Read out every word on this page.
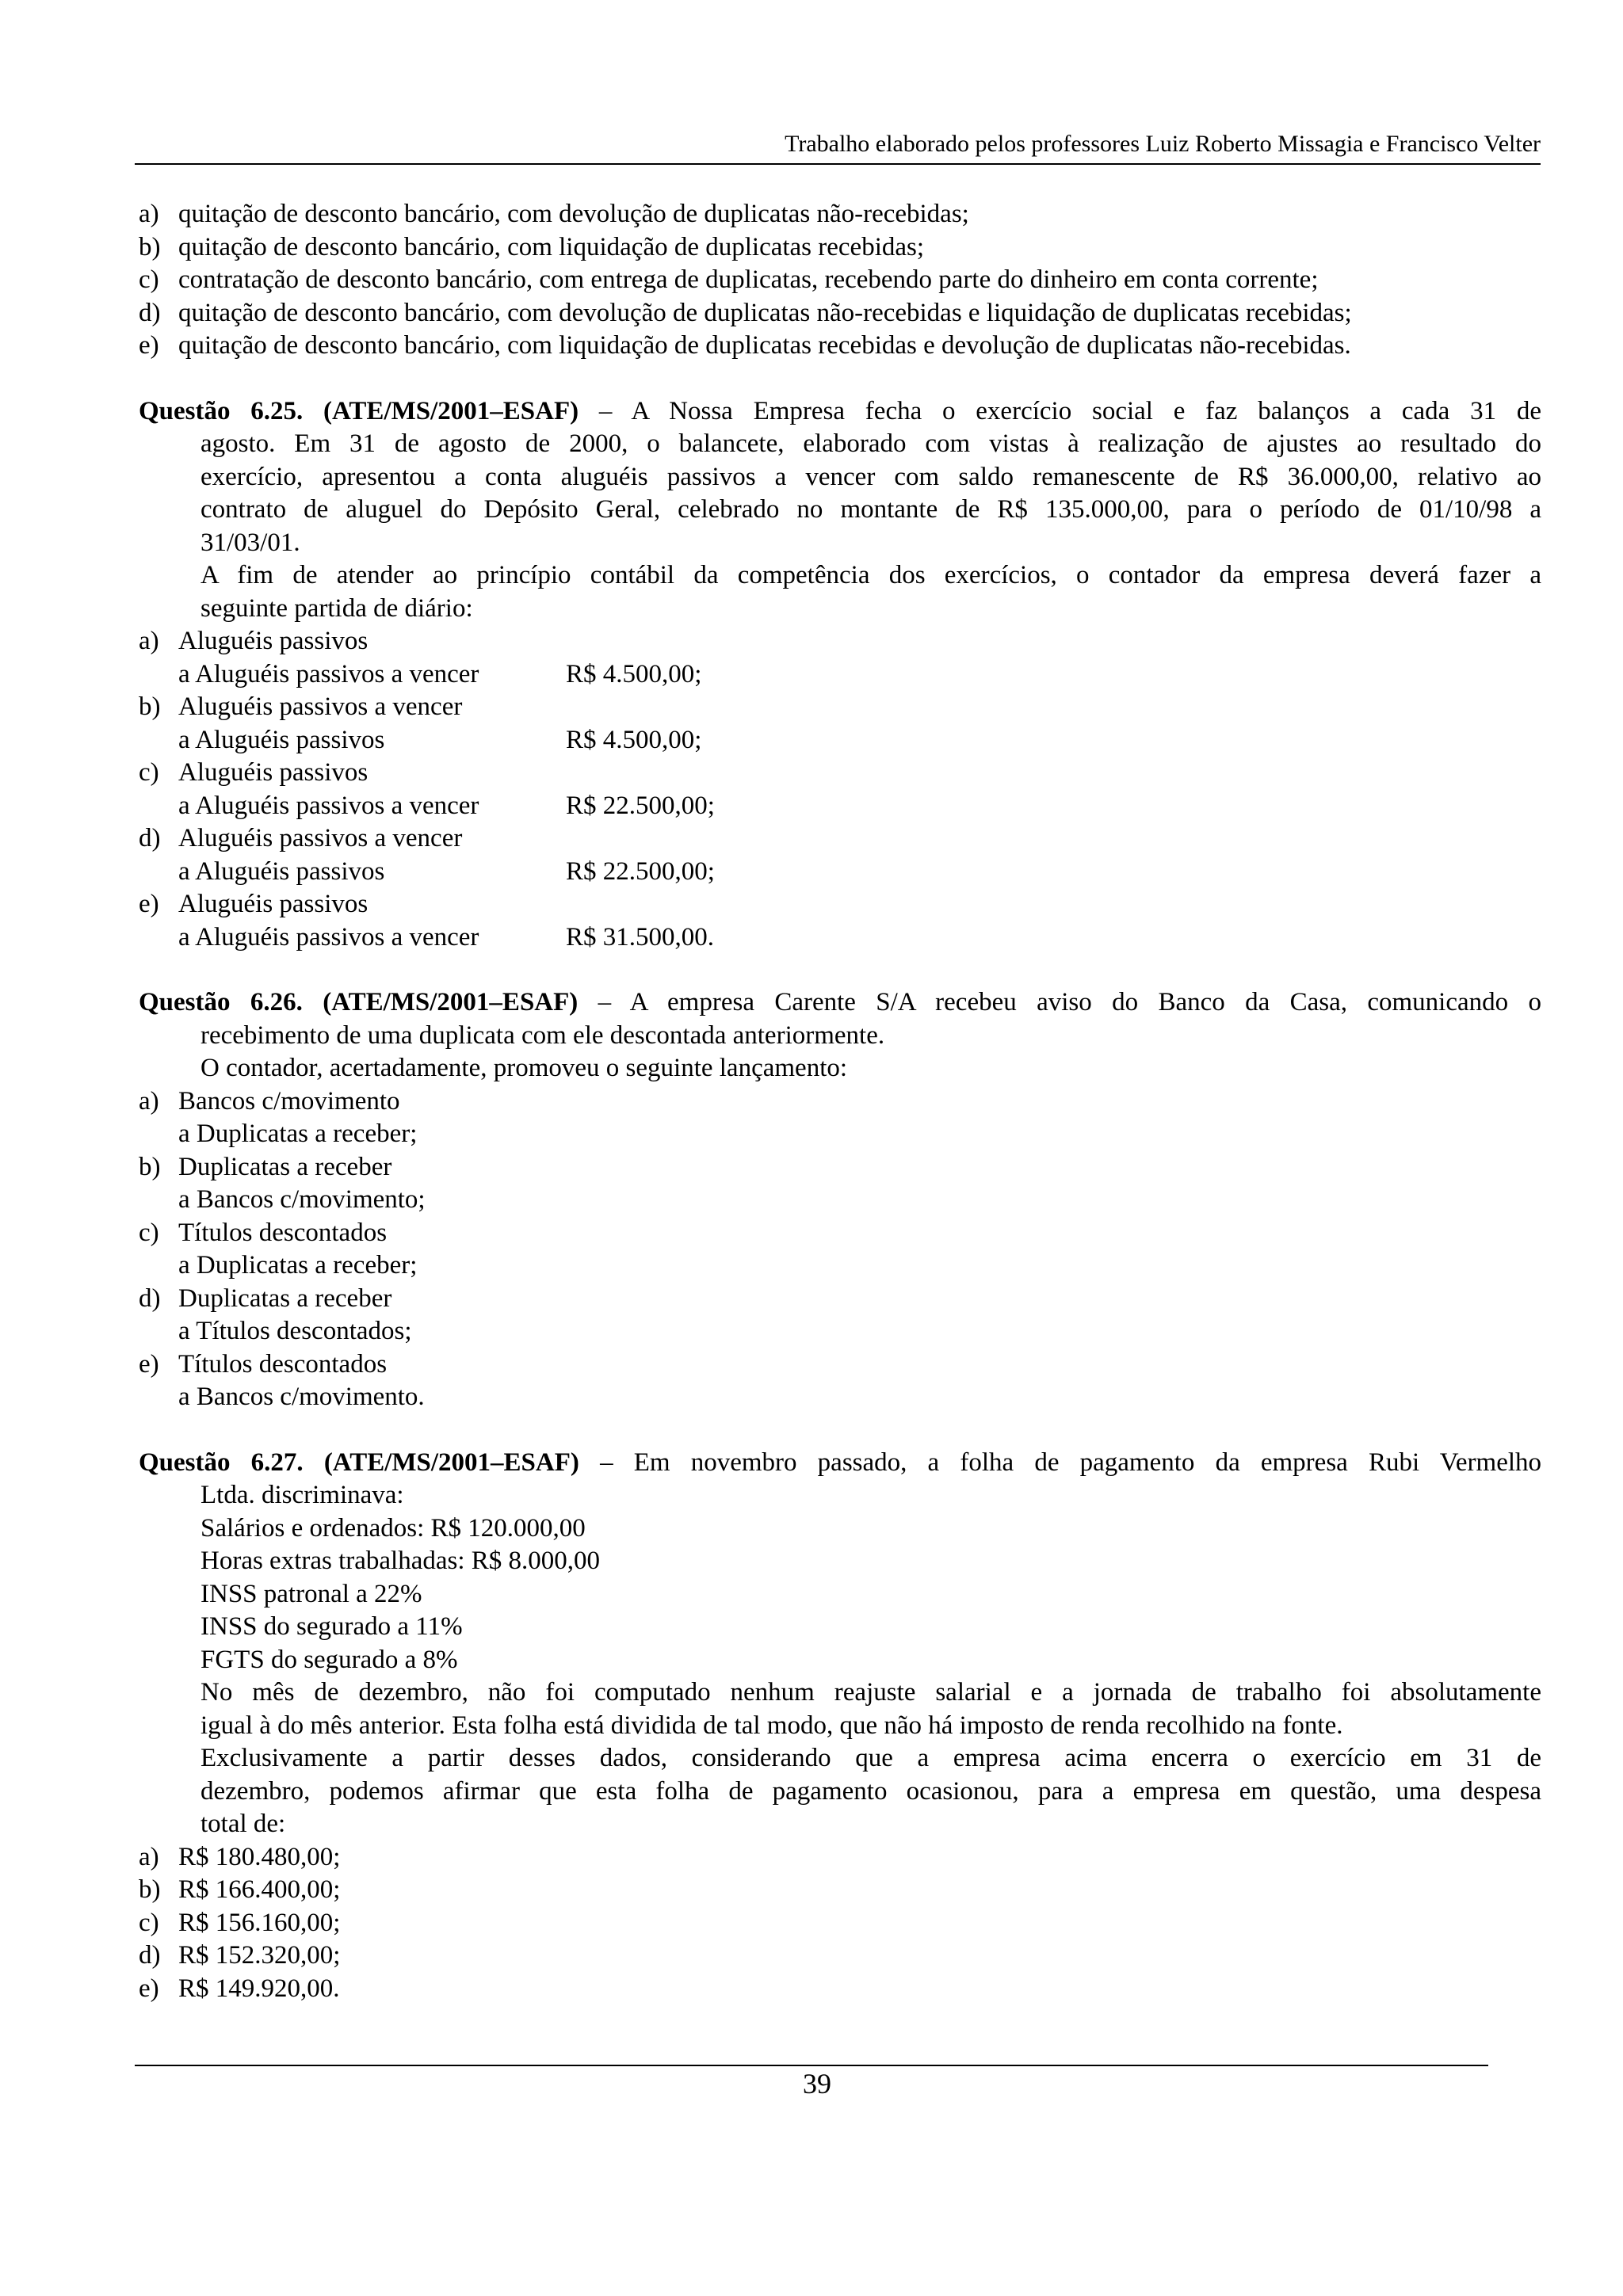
Trabalho elaborado pelos professores Luiz Roberto Missagia e Francisco Velter
a) quitação de desconto bancário, com devolução de duplicatas não-recebidas;
b) quitação de desconto bancário, com liquidação de duplicatas recebidas;
c) contratação de desconto bancário, com entrega de duplicatas, recebendo parte do dinheiro em conta corrente;
d) quitação de desconto bancário, com devolução de duplicatas não-recebidas e liquidação de duplicatas recebidas;
e) quitação de desconto bancário, com liquidação de duplicatas recebidas e devolução de duplicatas não-recebidas.
Questão 6.25. (ATE/MS/2001–ESAF) – A Nossa Empresa fecha o exercício social e faz balanços a cada 31 de
agosto. Em 31 de agosto de 2000, o balancete, elaborado com vistas à realização de ajustes ao resultado do
exercício, apresentou a conta aluguéis passivos a vencer com saldo remanescente de R$ 36.000,00, relativo ao
contrato de aluguel do Depósito Geral, celebrado no montante de R$ 135.000,00, para o período de 01/10/98 a
31/03/01.
A fim de atender ao princípio contábil da competência dos exercícios, o contador da empresa deverá fazer a
seguinte partida de diário:
a) Aluguéis passivos
a Aluguéis passivos a vencer	R$ 4.500,00;
b) Aluguéis passivos a vencer
a Aluguéis passivos	R$ 4.500,00;
c) Aluguéis passivos
a Aluguéis passivos a vencer	R$ 22.500,00;
d) Aluguéis passivos a vencer
a Aluguéis passivos	R$ 22.500,00;
e) Aluguéis passivos
a Aluguéis passivos a vencer	R$ 31.500,00.
Questão 6.26. (ATE/MS/2001–ESAF) – A empresa Carente S/A recebeu aviso do Banco da Casa, comunicando o
recebimento de uma duplicata com ele descontada anteriormente.
O contador, acertadamente, promoveu o seguinte lançamento:
a) Bancos c/movimento
a Duplicatas a receber;
b) Duplicatas a receber
a Bancos c/movimento;
c) Títulos descontados
a Duplicatas a receber;
d) Duplicatas a receber
a Títulos descontados;
e) Títulos descontados
a Bancos c/movimento.
Questão 6.27. (ATE/MS/2001–ESAF) – Em novembro passado, a folha de pagamento da empresa Rubi Vermelho
Ltda. discriminava:
Salários e ordenados: R$ 120.000,00
Horas extras trabalhadas: R$ 8.000,00
INSS patronal a 22%
INSS do segurado a 11%
FGTS do segurado a 8%
No mês de dezembro, não foi computado nenhum reajuste salarial e a jornada de trabalho foi absolutamente
igual à do mês anterior. Esta folha está dividida de tal modo, que não há imposto de renda recolhido na fonte.
Exclusivamente a partir desses dados, considerando que a empresa acima encerra o exercício em 31 de
dezembro, podemos afirmar que esta folha de pagamento ocasionou, para a empresa em questão, uma despesa
total de:
a) R$ 180.480,00;
b) R$ 166.400,00;
c) R$ 156.160,00;
d) R$ 152.320,00;
e) R$ 149.920,00.
39
